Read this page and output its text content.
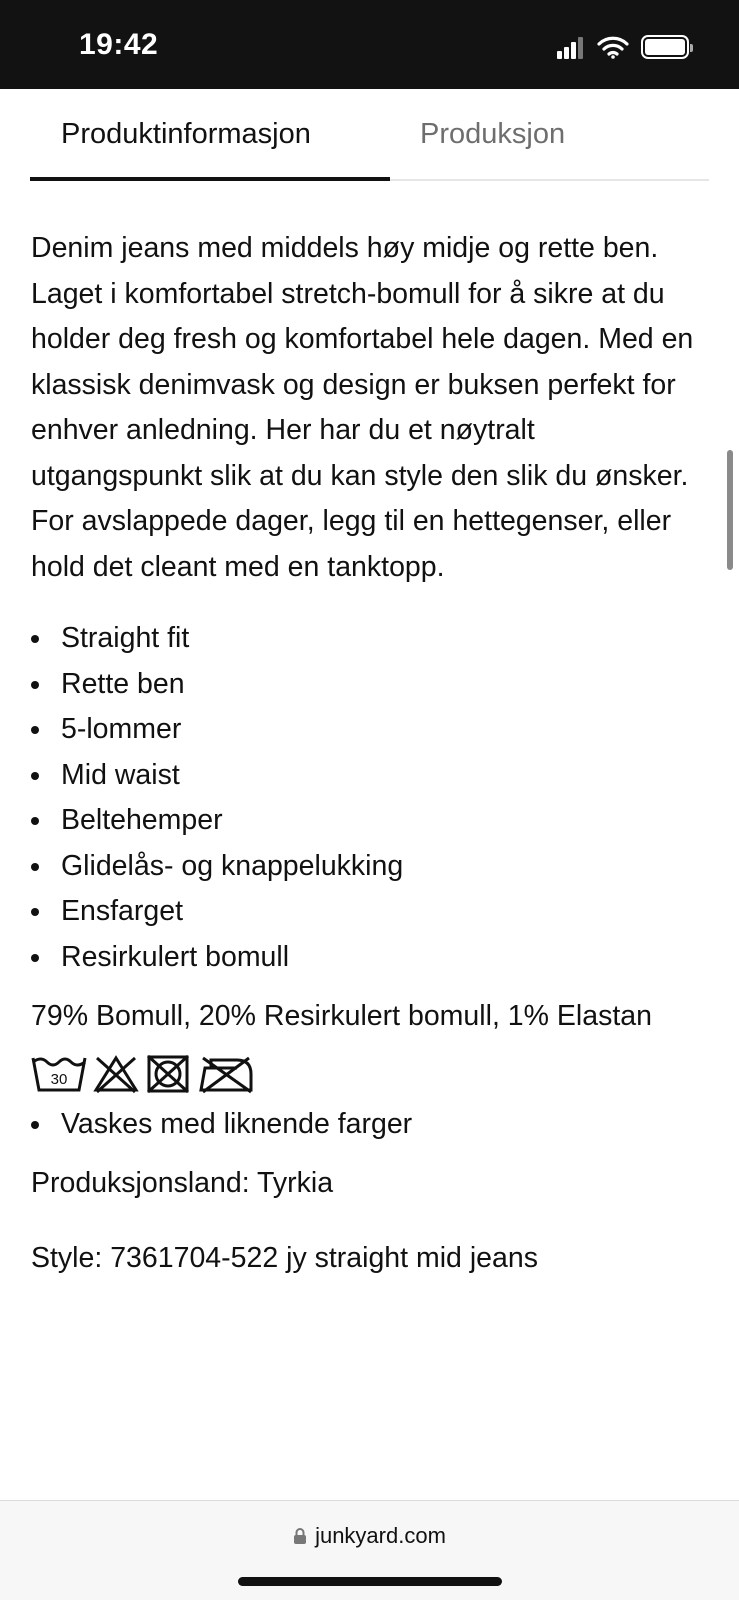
19:42
Produktinformasjon	Produksjon

Denim jeans med middels høy midje og rette ben. Laget i komfortabel stretch-bomull for å sikre at du holder deg fresh og komfortabel hele dagen. Med en klassisk denimvask og design er buksen perfekt for enhver anledning. Her har du et nøytralt utgangspunkt slik at du kan style den slik du ønsker. For avslappede dager, legg til en hettegenser, eller hold det cleant med en tanktopp.

Straight fit
Rette ben
5-lommer
Mid waist
Beltehemper
Glidelås- og knappelukking
Ensfarget
Resirkulert bomull

79% Bomull, 20% Resirkulert bomull, 1% Elastan

30
Vaskes med liknende farger

Produksjonsland: Tyrkia

Style: 7361704-522 jy straight mid jeans

junkyard.com
